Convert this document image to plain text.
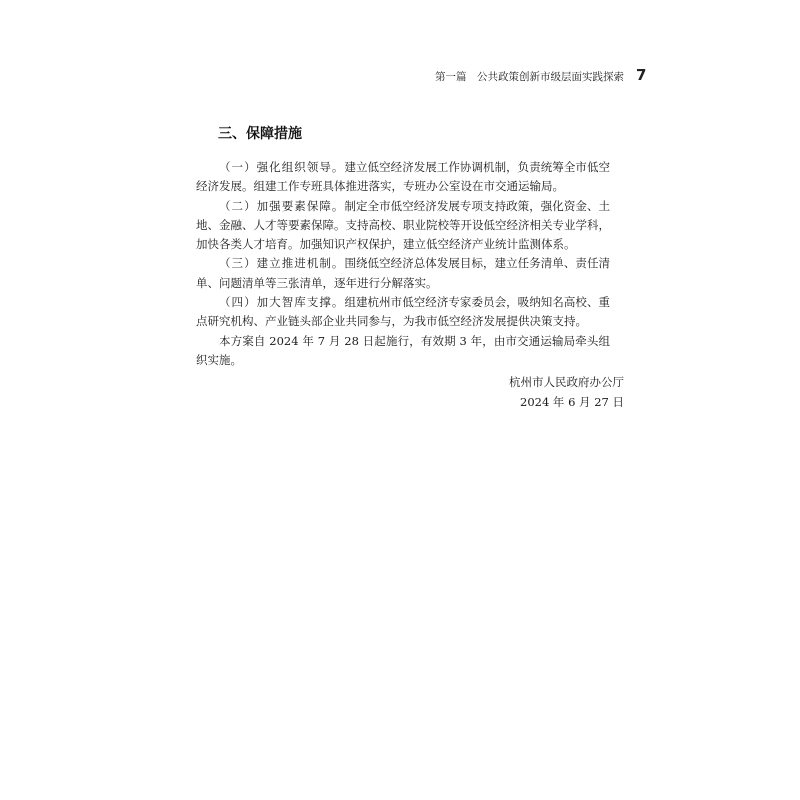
第一篇　公共政策创新市级层面实践探索 7
三、保障措施

（一）强化组织领导。建立低空经济发展工作协调机制，负责统筹全市低空经济发展。组建工作专班具体推进落实，专班办公室设在市交通运输局。

（二）加强要素保障。制定全市低空经济发展专项支持政策，强化资金、土地、金融、人才等要素保障。支持高校、职业院校等开设低空经济相关专业学科，加快各类人才培育。加强知识产权保护，建立低空经济产业统计监测体系。

（三）建立推进机制。围绕低空经济总体发展目标，建立任务清单、责任清单、问题清单等三张清单，逐年进行分解落实。

（四）加大智库支撑。组建杭州市低空经济专家委员会，吸纳知名高校、重点研究机构、产业链头部企业共同参与，为我市低空经济发展提供决策支持。

本方案自 2024 年 7 月 28 日起施行，有效期 3 年，由市交通运输局牵头组织实施。

杭州市人民政府办公厅
2024 年 6 月 27 日
